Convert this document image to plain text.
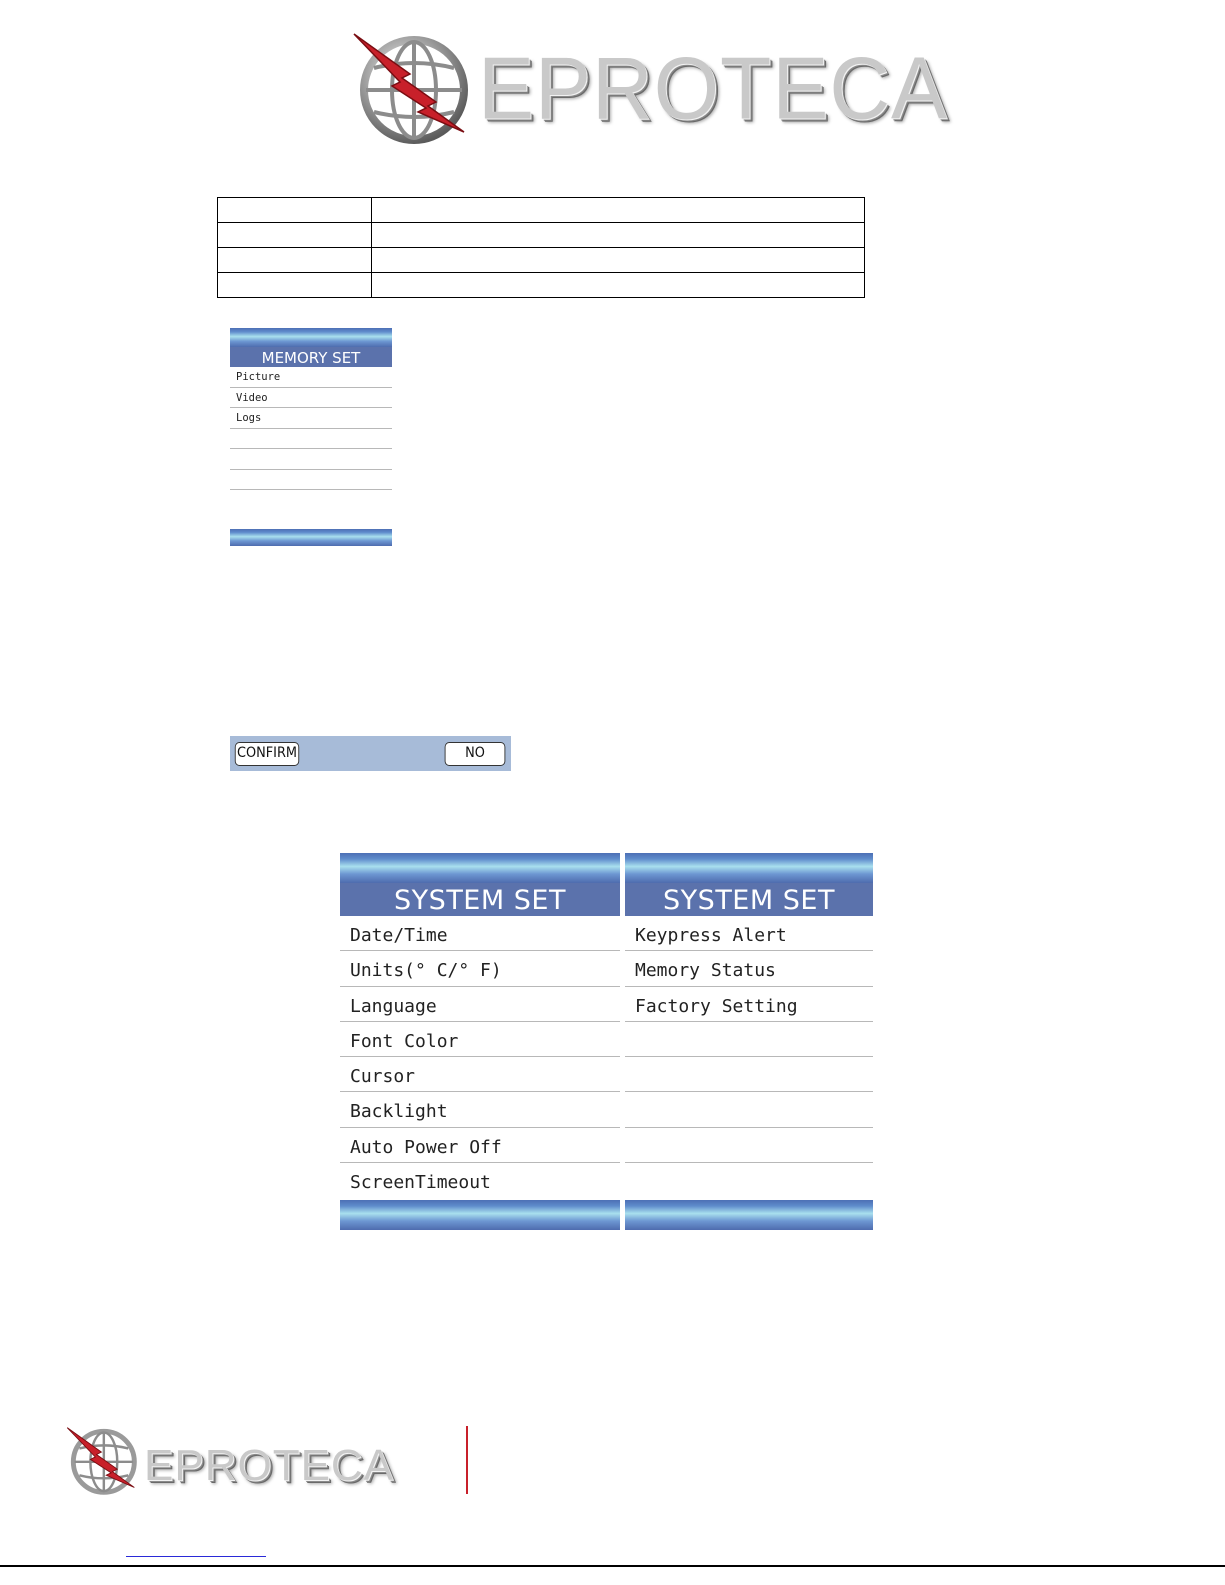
EPROTECA

MEMORY SET
Picture
Video
Logs
CONFIRM	NO
SYSTEM SET
Date/Time
Units(° C/° F)
Language
Font Color
Cursor
Backlight
Auto Power Off
ScreenTimeout
SYSTEM SET
Keypress Alert
Memory Status
Factory Setting
EPROTECA
